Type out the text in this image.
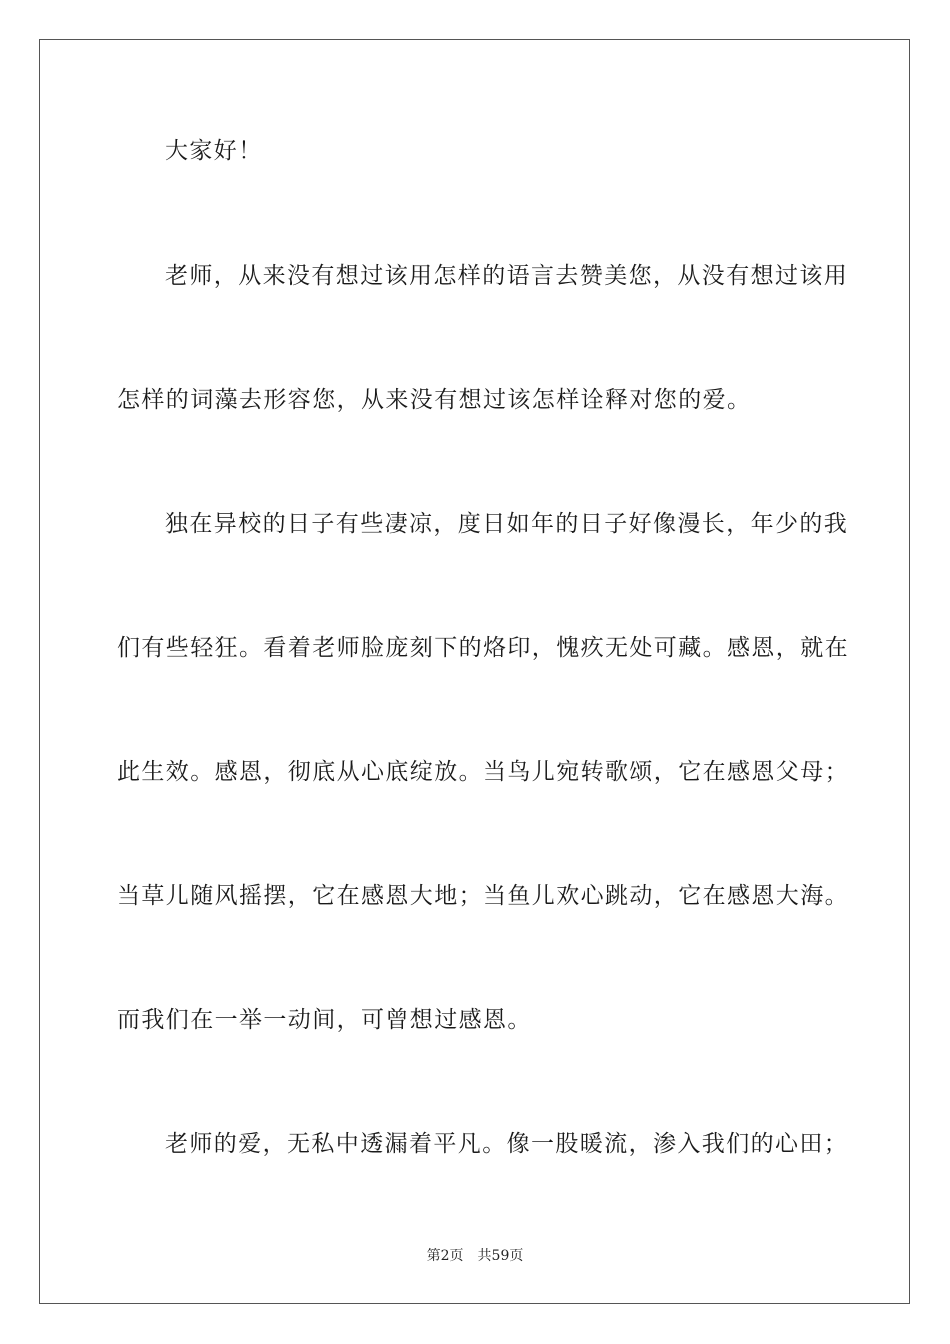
大家好！
老师，从来没有想过该用怎样的语言去赞美您，从没有想过该用
怎样的词藻去形容您，从来没有想过该怎样诠释对您的爱。
独在异校的日子有些凄凉，度日如年的日子好像漫长，年少的我
们有些轻狂。看着老师脸庞刻下的烙印，愧疚无处可藏。感恩，就在
此生效。感恩，彻底从心底绽放。当鸟儿宛转歌颂，它在感恩父母；
当草儿随风摇摆，它在感恩大地；当鱼儿欢心跳动，它在感恩大海。
而我们在一举一动间，可曾想过感恩。
老师的爱，无私中透漏着平凡。像一股暖流，渗入我们的心田；
第2页 共59页
